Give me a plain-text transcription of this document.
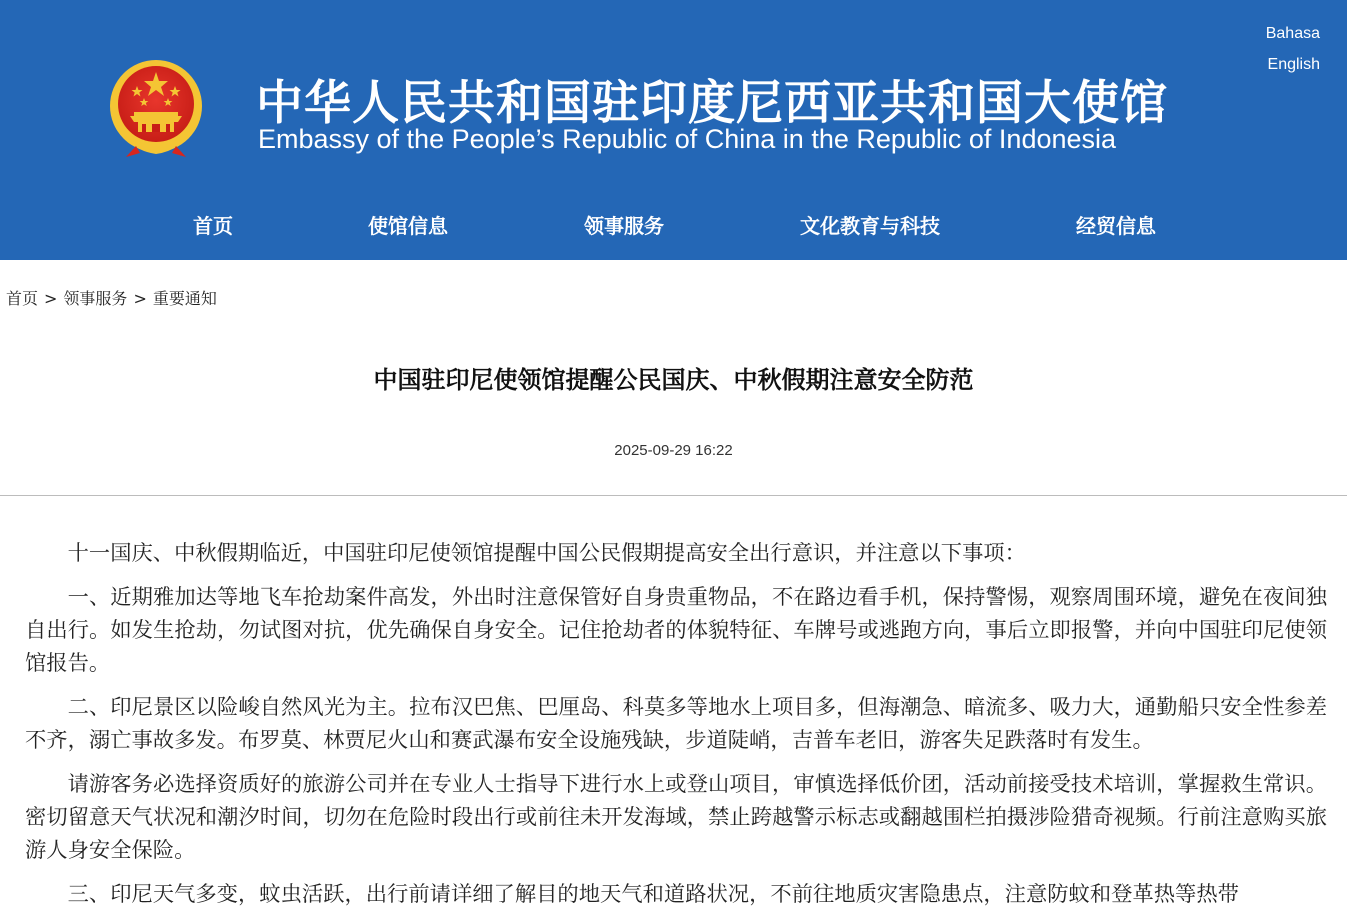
中华人民共和国驻印度尼西亚共和国大使馆
Embassy of the People’s Republic of China in the Republic of Indonesia
Bahasa
English
首页	使馆信息	领事服务	文化教育与科技	经贸信息
首页 > 领事服务 > 重要通知
中国驻印尼使领馆提醒公民国庆、中秋假期注意安全防范
2025-09-29 16:22

十一国庆、中秋假期临近，中国驻印尼使领馆提醒中国公民假期提高安全出行意识，并注意以下事项：

一、近期雅加达等地飞车抢劫案件高发，外出时注意保管好自身贵重物品，不在路边看手机，保持警惕，观察周围环境，避免在夜间独自出行。如发生抢劫，勿试图对抗，优先确保自身安全。记住抢劫者的体貌特征、车牌号或逃跑方向，事后立即报警，并向中国驻印尼使领馆报告。

二、印尼景区以险峻自然风光为主。拉布汉巴焦、巴厘岛、科莫多等地水上项目多，但海潮急、暗流多、吸力大，通勤船只安全性参差不齐，溺亡事故多发。布罗莫、林贾尼火山和赛武瀑布安全设施残缺，步道陡峭，吉普车老旧，游客失足跌落时有发生。

请游客务必选择资质好的旅游公司并在专业人士指导下进行水上或登山项目，审慎选择低价团，活动前接受技术培训，掌握救生常识。密切留意天气状况和潮汐时间，切勿在危险时段出行或前往未开发海域，禁止跨越警示标志或翻越围栏拍摄涉险猎奇视频。行前注意购买旅游人身安全保险。

三、印尼天气多变，蚊虫活跃，出行前请详细了解目的地天气和道路状况，不前往地质灾害隐患点，注意防蚊和登革热等热带
